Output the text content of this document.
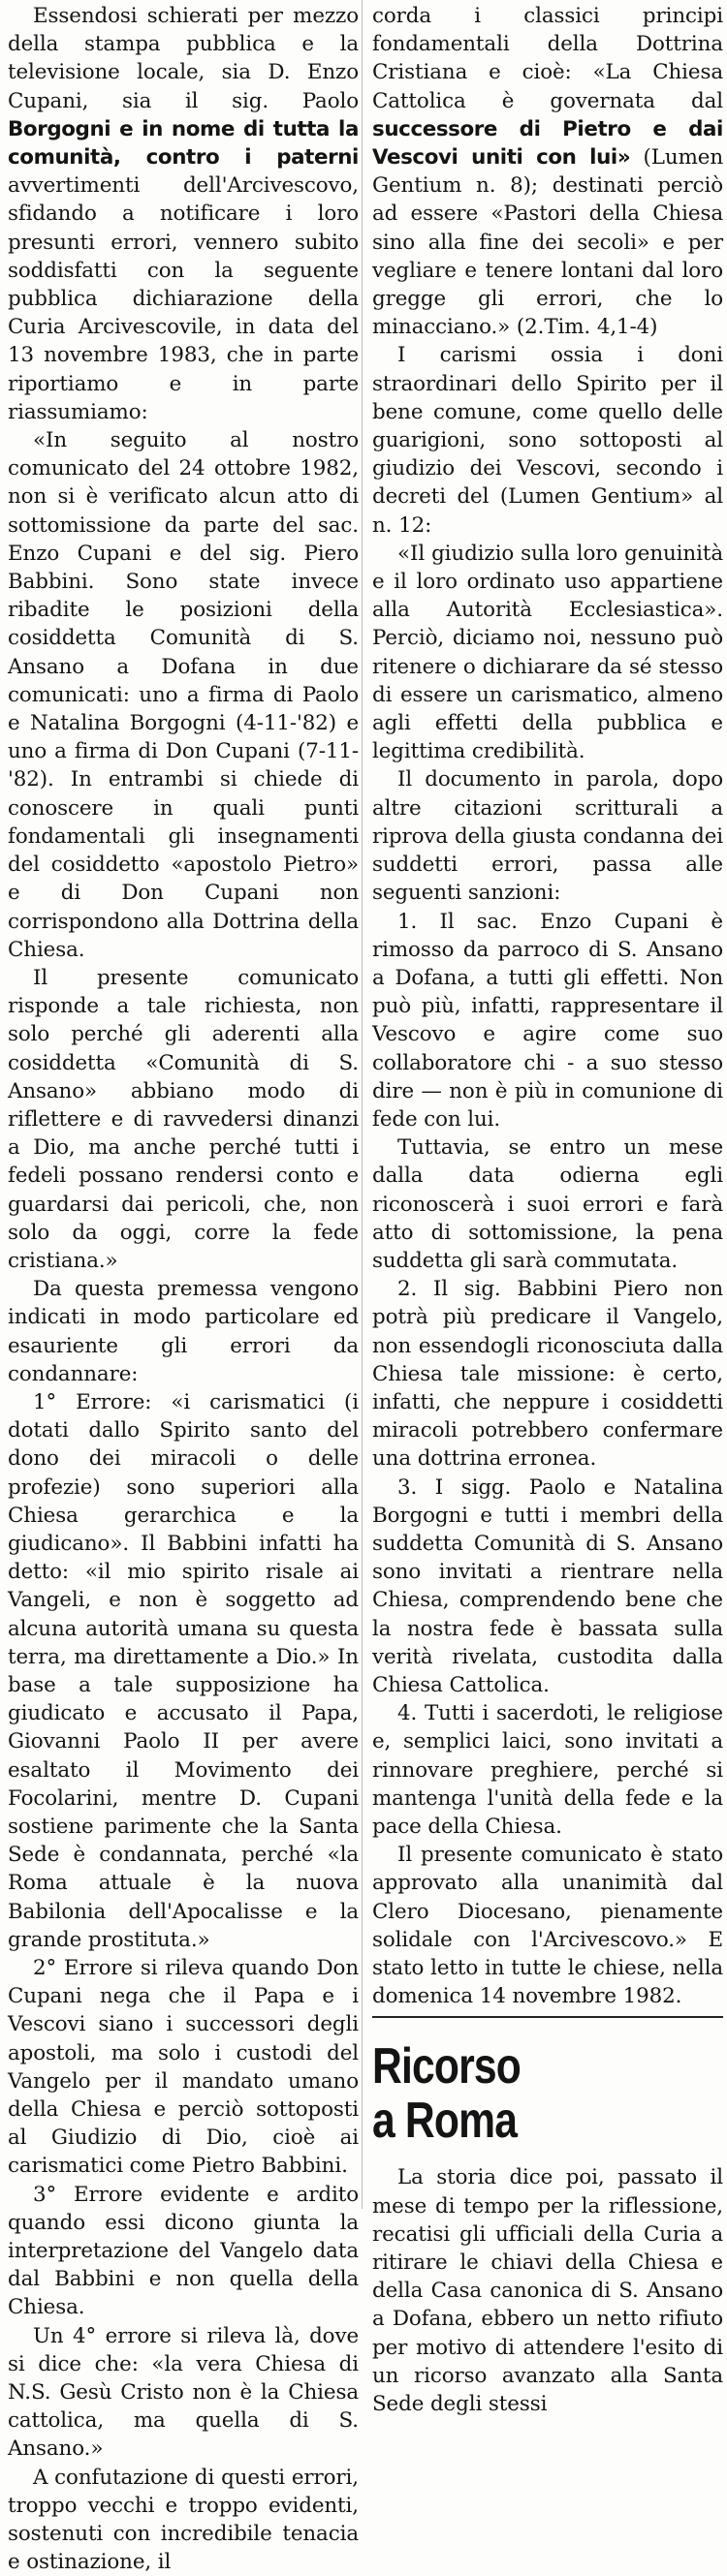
Essendosi schierati per mezzo della stampa pubblica e la televisione locale, sia D. Enzo Cupani, sia il sig. Paolo Borgogni e in nome di tutta la comunità, contro i paterni avvertimenti dell'Arcivescovo, sfidando a notificare i loro presunti errori, vennero subito soddisfatti con la seguente pubblica dichiarazione della Curia Arcivescovile, in data del 13 novembre 1983, che in parte riportiamo e in parte riassumiamo:

«In seguito al nostro comunicato del 24 ottobre 1982, non si è verificato alcun atto di sottomissione da parte del sac. Enzo Cupani e del sig. Piero Babbini. Sono state invece ribadite le posizioni della cosiddetta Comunità di S. Ansano a Dofana in due comunicati: uno a firma di Paolo e Natalina Borgogni (4-11-'82) e uno a firma di Don Cupani (7-11-'82). In entrambi si chiede di conoscere in quali punti fondamentali gli insegnamenti del cosiddetto «apostolo Pietro» e di Don Cupani non corrispondono alla Dottrina della Chiesa.

Il presente comunicato risponde a tale richiesta, non solo perché gli aderenti alla cosiddetta «Comunità di S. Ansano» abbiano modo di riflettere e di ravvedersi dinanzi a Dio, ma anche perché tutti i fedeli possano rendersi conto e guardarsi dai pericoli, che, non solo da oggi, corre la fede cristiana.»

Da questa premessa vengono indicati in modo particolare ed esauriente gli errori da condannare:

1° Errore: «i carismatici (i dotati dallo Spirito santo del dono dei miracoli o delle profezie) sono superiori alla Chiesa gerarchica e la giudicano». Il Babbini infatti ha detto: «il mio spirito risale ai Vangeli, e non è soggetto ad alcuna autorità umana su questa terra, ma direttamente a Dio.» In base a tale supposizione ha giudicato e accusato il Papa, Giovanni Paolo II per avere esaltato il Movimento dei Focolarini, mentre D. Cupani sostiene parimente che la Santa Sede è condannata, perché «la Roma attuale è la nuova Babilonia dell'Apocalisse e la grande prostituta.»

2° Errore si rileva quando Don Cupani nega che il Papa e i Vescovi siano i successori degli apostoli, ma solo i custodi del Vangelo per il mandato umano della Chiesa e perciò sottoposti al Giudizio di Dio, cioè ai carismatici come Pietro Babbini.

3° Errore evidente e ardito quando essi dicono giunta la interpretazione del Vangelo data dal Babbini e non quella della Chiesa.

Un 4° errore si rileva là, dove si dice che: «la vera Chiesa di N.S. Gesù Cristo non è la Chiesa cattolica, ma quella di S. Ansano.»

A confutazione di questi errori, troppo vecchi e troppo evidenti, sostenuti con incredibile tenacia e ostinazione, il

corda i classici principi fondamentali della Dottrina Cristiana e cioè: «La Chiesa Cattolica è governata dal successore di Pietro e dai Vescovi uniti con lui» (Lumen Gentium n. 8); destinati perciò ad essere «Pastori della Chiesa sino alla fine dei secoli» e per vegliare e tenere lontani dal loro gregge gli errori, che lo minacciano.» (2.Tim. 4,1-4)

I carismi ossia i doni straordinari dello Spirito per il bene comune, come quello delle guarigioni, sono sottoposti al giudizio dei Vescovi, secondo i decreti del (Lumen Gentium» al n. 12:

«Il giudizio sulla loro genuinità e il loro ordinato uso appartiene alla Autorità Ecclesiastica». Perciò, diciamo noi, nessuno può ritenere o dichiarare da sé stesso di essere un carismatico, almeno agli effetti della pubblica e legittima credibilità.

Il documento in parola, dopo altre citazioni scritturali a riprova della giusta condanna dei suddetti errori, passa alle seguenti sanzioni:

1. Il sac. Enzo Cupani è rimosso da parroco di S. Ansano a Dofana, a tutti gli effetti. Non può più, infatti, rappresentare il Vescovo e agire come suo collaboratore chi - a suo stesso dire — non è più in comunione di fede con lui.

Tuttavia, se entro un mese dalla data odierna egli riconoscerà i suoi errori e farà atto di sottomissione, la pena suddetta gli sarà commutata.

2. Il sig. Babbini Piero non potrà più predicare il Vangelo, non essendogli riconosciuta dalla Chiesa tale missione: è certo, infatti, che neppure i cosiddetti miracoli potrebbero confermare una dottrina erronea.

3. I sigg. Paolo e Natalina Borgogni e tutti i membri della suddetta Comunità di S. Ansano sono invitati a rientrare nella Chiesa, comprendendo bene che la nostra fede è bassata sulla verità rivelata, custodita dalla Chiesa Cattolica.

4. Tutti i sacerdoti, le religiose e, semplici laici, sono invitati a rinnovare preghiere, perché si mantenga l'unità della fede e la pace della Chiesa.

Il presente comunicato è stato approvato alla unanimità dal Clero Diocesano, pienamente solidale con l'Arcivescovo.» E stato letto in tutte le chiese, nella domenica 14 novembre 1982.

Ricorso
a Roma

La storia dice poi, passato il mese di tempo per la riflessione, recatisi gli ufficiali della Curia a ritirare le chiavi della Chiesa e della Casa canonica di S. Ansano a Dofana, ebbero un netto rifiuto per motivo di attendere l'esito di un ricorso avanzato alla Santa Sede degli stessi
